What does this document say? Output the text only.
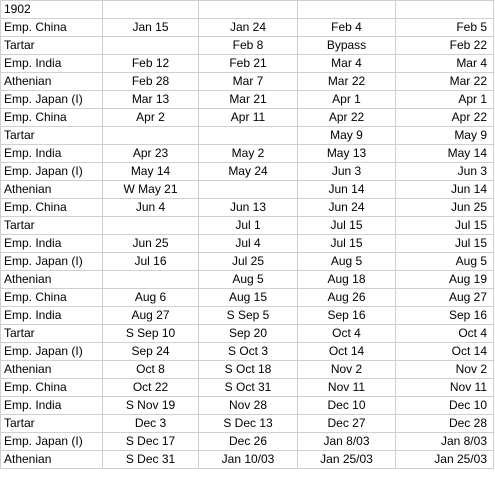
1902				
Emp. China	Jan 15	Jan 24	Feb 4	Feb 5
Tartar		Feb 8	Bypass	Feb 22
Emp. India	Feb 12	Feb 21	Mar 4	Mar 4
Athenian	Feb 28	Mar 7	Mar 22	Mar 22
Emp. Japan (I)	Mar 13	Mar 21	Apr 1	Apr 1
Emp. China	Apr 2	Apr 11	Apr 22	Apr 22
Tartar			May 9	May 9
Emp. India	Apr 23	May 2	May 13	May 14
Emp. Japan (I)	May 14	May 24	Jun 3	Jun 3
Athenian	W May 21		Jun 14	Jun 14
Emp. China	Jun 4	Jun 13	Jun 24	Jun 25
Tartar		Jul 1	Jul 15	Jul 15
Emp. India	Jun 25	Jul 4	Jul 15	Jul 15
Emp. Japan (I)	Jul 16	Jul 25	Aug 5	Aug 5
Athenian		Aug 5	Aug 18	Aug 19
Emp. China	Aug 6	Aug 15	Aug 26	Aug 27
Emp. India	Aug 27	S Sep 5	Sep 16	Sep 16
Tartar	S Sep 10	Sep 20	Oct 4	Oct 4
Emp. Japan (I)	Sep 24	S Oct 3	Oct 14	Oct 14
Athenian	Oct 8	S Oct 18	Nov 2	Nov 2
Emp. China	Oct 22	S Oct 31	Nov 11	Nov 11
Emp. India	S Nov 19	Nov 28	Dec 10	Dec 10
Tartar	Dec 3	S Dec 13	Dec 27	Dec 28
Emp. Japan (I)	S Dec 17	Dec 26	Jan 8/03	Jan 8/03
Athenian	S Dec 31	Jan 10/03	Jan 25/03	Jan 25/03
